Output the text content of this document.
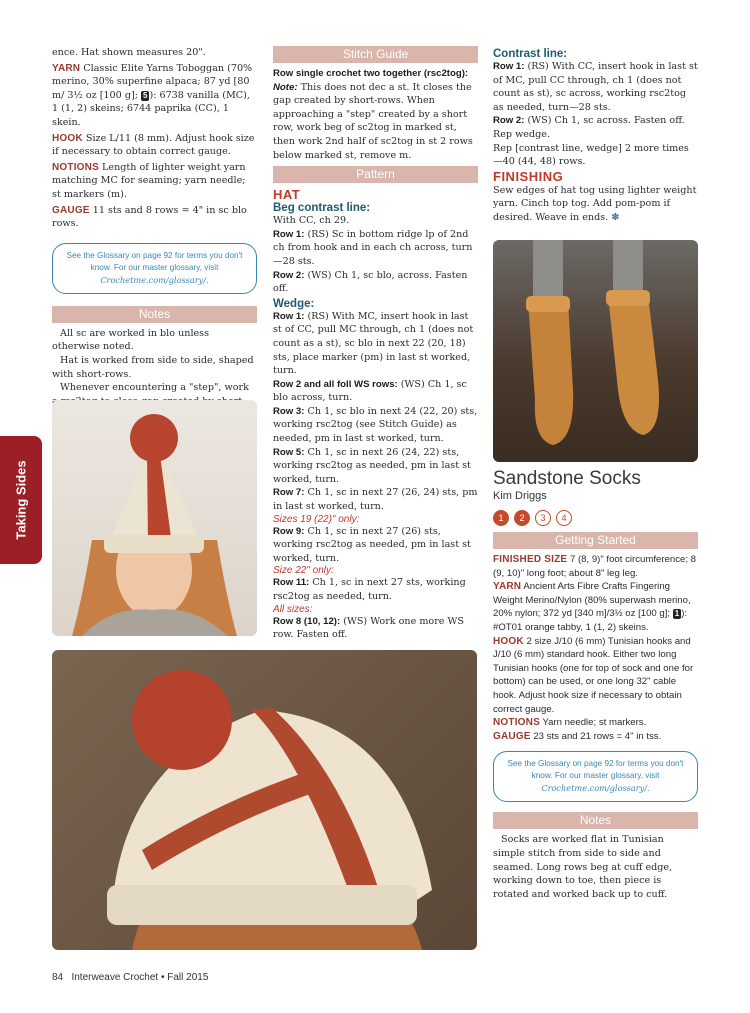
ence. Hat shown measures 20".
YARN Classic Elite Yarns Toboggan (70% merino, 30% superfine alpaca; 87 yd [80 m/ 3½ oz [100 g]; 5 ): 6738 vanilla (MC), 1 (1, 2) skeins; 6744 paprika (CC), 1 skein.
HOOK Size L/11 (8 mm). Adjust hook size if necessary to obtain correct gauge.
NOTIONS Length of lighter weight yarn matching MC for seaming; yarn needle; st markers (m).
GAUGE 11 sts and 8 rows = 4" in sc blo rows.
See the Glossary on page 92 for terms you don't know. For our master glossary, visit Crochetme.com/glossary/.
Notes
All sc are worked in blo unless otherwise noted.
Hat is worked from side to side, shaped with short-rows.
Whenever encountering a "step", work
Taking Sides
Stitch Guide
Row single crochet two together (rsc2tog): Note: This does not dec a st. It closes the gap created by short-rows. When approaching a "step" created by a short row, work beg of sc2tog in marked st, then work 2nd half of sc2tog in st 2 rows below marked st, remove m.
Pattern
HAT
Beg contrast line:
With CC, ch 29.
Row 1: (RS) Sc in bottom ridge lp of 2nd ch from hook and in each ch across, turn—28 sts.
Row 2: (WS) Ch 1, sc blo, across. Fasten off.
Wedge:
Row 1: (RS) With MC, insert hook in last st of CC, pull MC through, ch 1 (does not count as a st), sc blo in next 22 (20, 18) sts, place marker (pm) in last st worked, turn.
Row 2 and all foll WS rows: (WS) Ch 1, sc blo across, turn.
Row 3: Ch 1, sc blo in next 24 (22, 20) sts, working rsc2tog (see Stitch Guide) as needed, pm in last st worked, turn.
Row 5: Ch 1, sc in next 26 (24, 22) sts, working rsc2tog as needed, pm in last st worked, turn.
Row 7: Ch 1, sc in next 27 (26, 24) sts, pm in last st worked, turn.
Sizes 19 (22)" only:
Row 9: Ch 1, sc in next 27 (26) sts, working rsc2tog as needed, pm in last st worked, turn.
Size 22" only:
Row 11: Ch 1, sc in next 27 sts, working rsc2tog as needed, turn.
All sizes:
Row 8 (10, 12): (WS) Work one more WS row. Fasten off.
Contrast line:
Row 1: (RS) With CC, insert hook in last st of MC, pull CC through, ch 1 (does not count as st), sc across, working rsc2tog as needed, turn—28 sts.
Row 2: (WS) Ch 1, sc across. Fasten off.
Rep wedge.
Rep [contrast line, wedge] 2 more times—40 (44, 48) rows.
FINISHING
Sew edges of hat tog using lighter weight yarn. Cinch top tog. Add pom-pom if desired. Weave in ends. ✽
Sandstone Socks
Kim Driggs
1 2 3 4
Getting Started
FINISHED SIZE 7 (8, 9)" foot circumference; 8 (9, 10)" long foot; about 8" leg leg.
YARN Ancient Arts Fibre Crafts Fingering Weight Merino/Nylon (80% superwash merino, 20% nylon; 372 yd [340 m]/3½ oz [100 g]; 1 ): #OT01 orange tabby, 1 (1, 2) skeins.
HOOK 2 size J/10 (6 mm) Tunisian hooks and J/10 (6 mm) standard hook. Either two long Tunisian hooks (one for top of sock and one for bottom) can be used, or one long 32" cable hook. Adjust hook size if necessary to obtain correct gauge.
NOTIONS Yarn needle; st markers.
GAUGE 23 sts and 21 rows = 4" in tss.
See the Glossary on page 92 for terms you don't know. For our master glossary, visit Crochetme.com/glossary/.
Notes
Socks are worked flat in Tunisian simple stitch from side to side and seamed. Long rows beg at cuff edge, working down to toe, then piece is rotated and worked back up to cuff.
84 Interweave Crochet • Fall 2015
